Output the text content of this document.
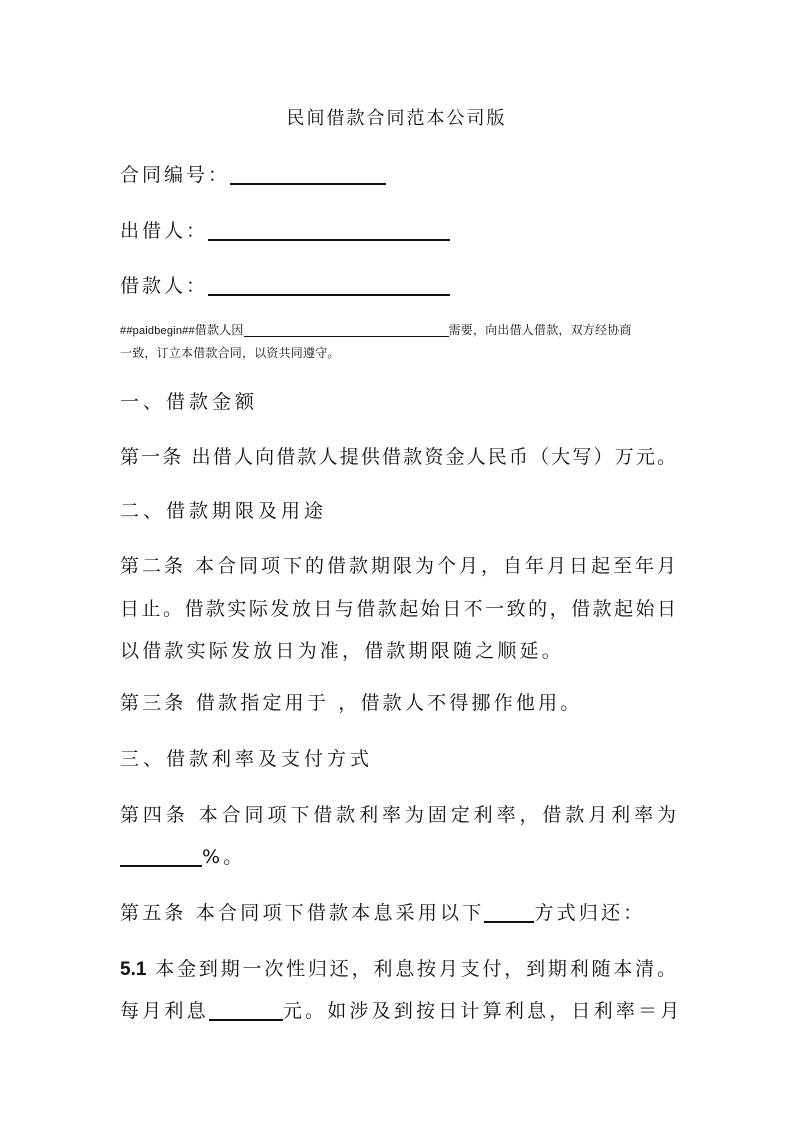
民间借款合同范本公司版
合同编号：
出借人：
借款人：
##paidbegin##借款人因	需要，向出借人借款，双方经协商
一致，订立本借款合同，以资共同遵守。
一、借款金额
第一条 出借人向借款人提供借款资金人民币（大写）万元。
二、借款期限及用途
第二条 本合同项下的借款期限为个月，自年月日起至年月
日止。借款实际发放日与借款起始日不一致的，借款起始日
以借款实际发放日为准，借款期限随之顺延。
第三条 借款指定用于 ，借款人不得挪作他用。
三、借款利率及支付方式
第四条 本合同项下借款利率为固定利率，借款月利率为
%。
第五条 本合同项下借款本息采用以下	方式归还：
5.1 本金到期一次性归还，利息按月支付，到期利随本清。
每月利息	元。如涉及到按日计算利息，日利率＝月
